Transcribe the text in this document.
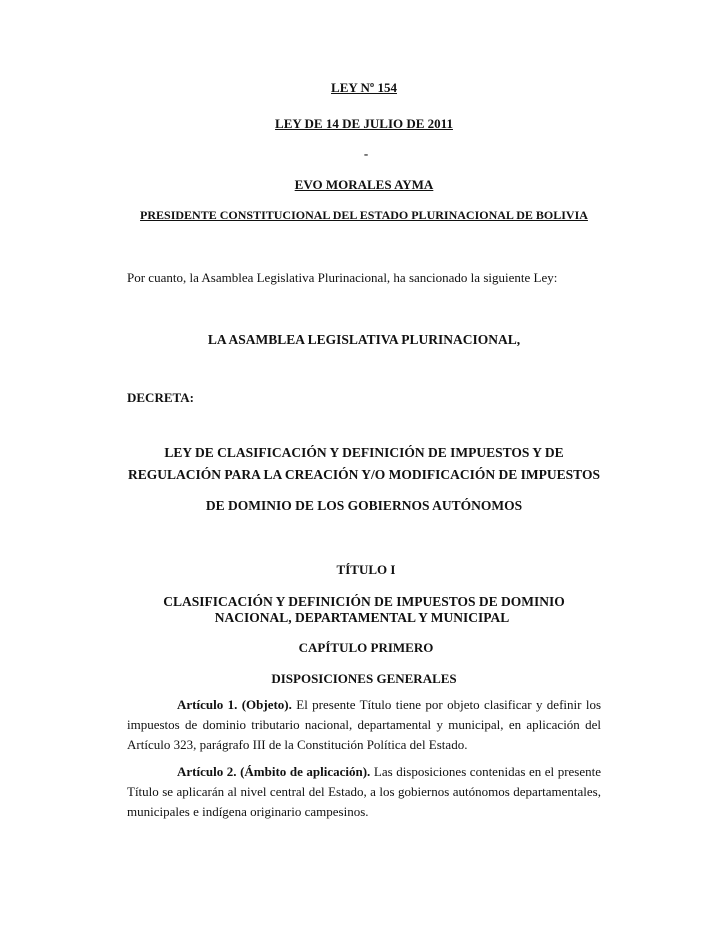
LEY Nº 154
LEY DE 14 DE JULIO DE 2011
-
EVO MORALES AYMA
PRESIDENTE CONSTITUCIONAL DEL ESTADO PLURINACIONAL DE BOLIVIA
Por cuanto, la Asamblea Legislativa Plurinacional, ha sancionado la siguiente Ley:
LA ASAMBLEA LEGISLATIVA PLURINACIONAL,
DECRETA:
LEY DE CLASIFICACIÓN Y DEFINICIÓN DE IMPUESTOS Y DE
REGULACIÓN PARA LA CREACIÓN Y/O MODIFICACIÓN DE IMPUESTOS
DE DOMINIO DE LOS GOBIERNOS AUTÓNOMOS
TÍTULO I
CLASIFICACIÓN Y DEFINICIÓN DE IMPUESTOS DE DOMINIO
NACIONAL, DEPARTAMENTAL Y MUNICIPAL
CAPÍTULO PRIMERO
DISPOSICIONES GENERALES
Artículo 1. (Objeto). El presente Título tiene por objeto clasificar y definir los impuestos de dominio tributario nacional, departamental y municipal, en aplicación del Artículo 323, parágrafo III de la Constitución Política del Estado.
Artículo 2. (Ámbito de aplicación). Las disposiciones contenidas en el presente Título se aplicarán al nivel central del Estado, a los gobiernos autónomos departamentales, municipales e indígena originario campesinos.
